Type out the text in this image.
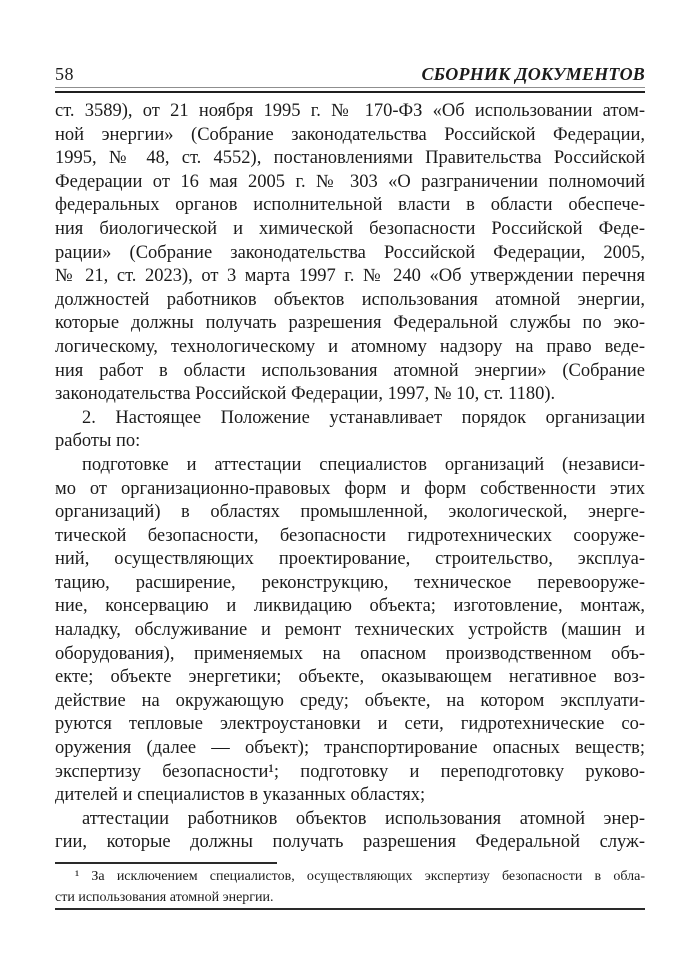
58	СБОРНИК ДОКУМЕНТОВ
ст. 3589), от 21 ноября 1995 г. № 170-ФЗ «Об использовании атом-
ной энергии» (Собрание законодательства Российской Федерации,
1995, № 48, ст. 4552), постановлениями Правительства Российской
Федерации от 16 мая 2005 г. № 303 «О разграничении полномочий
федеральных органов исполнительной власти в области обеспече-
ния биологической и химической безопасности Российской Феде-
рации» (Собрание законодательства Российской Федерации, 2005,
№ 21, ст. 2023), от 3 марта 1997 г. № 240 «Об утверждении перечня
должностей работников объектов использования атомной энергии,
которые должны получать разрешения Федеральной службы по эко-
логическому, технологическому и атомному надзору на право веде-
ния работ в области использования атомной энергии» (Собрание
законодательства Российской Федерации, 1997, № 10, ст. 1180).
2. Настоящее Положение устанавливает порядок организации
работы по:
подготовке и аттестации специалистов организаций (независи-
мо от организационно-правовых форм и форм собственности этих
организаций) в областях промышленной, экологической, энерге-
тической безопасности, безопасности гидротехнических сооруже-
ний, осуществляющих проектирование, строительство, эксплуа-
тацию, расширение, реконструкцию, техническое перевооруже-
ние, консервацию и ликвидацию объекта; изготовление, монтаж,
наладку, обслуживание и ремонт технических устройств (машин и
оборудования), применяемых на опасном производственном объ-
екте; объекте энергетики; объекте, оказывающем негативное воз-
действие на окружающую среду; объекте, на котором эксплуати-
руются тепловые электроустановки и сети, гидротехнические со-
оружения (далее — объект); транспортирование опасных веществ;
экспертизу безопасности¹; подготовку и переподготовку руково-
дителей и специалистов в указанных областях;
аттестации работников объектов использования атомной энер-
гии, которые должны получать разрешения Федеральной служ-
¹ За исключением специалистов, осуществляющих экспертизу безопасности в обла-
сти использования атомной энергии.
